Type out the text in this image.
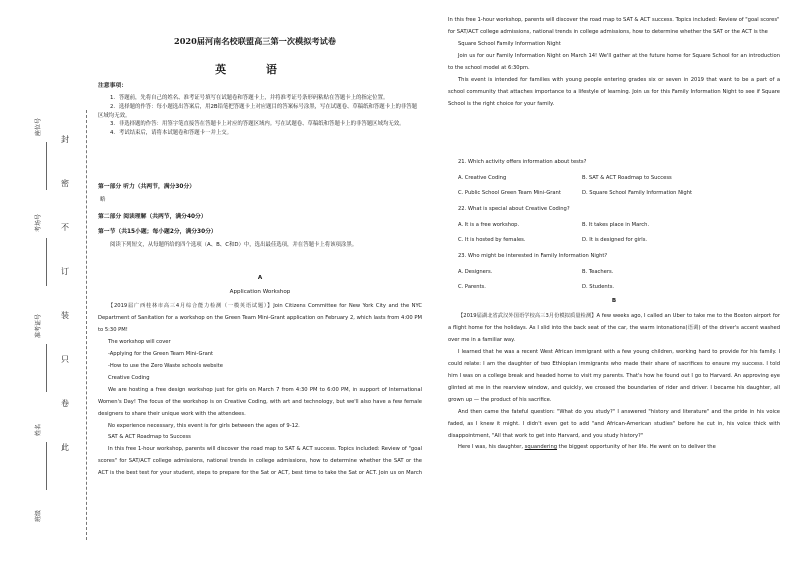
封
密
不
订
装
只
卷
此
座位号
考场号
准考证号
姓名
班级
2020届河南名校联盟高三第一次模拟考试卷
英 语
注意事项：

1．答题前，先将自己的姓名、准考证号填写在试题卷和答题卡上，并将准考证号条形码粘贴在答题卡上的指定位置。

2．选择题的作答：每小题选出答案后，用2B铅笔把答题卡上对应题目的答案标号涂黑，写在试题卷、草稿纸和答题卡上的非答题区域均无效。

3．非选择题的作答：用签字笔直接答在答题卡上对应的答题区域内。写在试题卷、草稿纸和答题卡上的非答题区域均无效。

4．考试结束后，请将本试题卷和答题卡一并上交。

第一部分 听力（共两节，满分30分）
略
第二部分 阅读理解（共两节，满分40分）
第一节（共15小题；每小题2分，满分30分）
阅读下列短文，从每题所给的四个选项（A、B、C和D）中，选出最佳选项，并在答题卡上将该项涂黑。
A
Application Workshop

【2019届广西桂林市高三4月综合能力检测（一模英语试题）】Join Citizens Committee for New York City and the NYC Department of Sanitation for a workshop on the Green Team Mini-Grant application on February 2, which lasts from 4:00 PM to 5:30 PM!

The workshop will cover

-Applying for the Green Team Mini-Grant

-How to use the Zero Waste schools website

Creative Coding

We are hosting a free design workshop just for girls on March 7 from 4:30 PM to 6:00 PM, in support of International Women's Day! The focus of the workshop is on Creative Coding, with art and technology, but we'll also have a few female designers to share their unique work with the attendees.

No experience necessary, this event is for girls between the ages of 9-12.

SAT & ACT Roadmap to Success

In this free 1-hour workshop, parents will discover the road map to SAT & ACT success. Topics included: Review of "goal scores" for SAT/ACT college admissions, national trends in college admissions, how to determine whether the SAT or the ACT is the best test for your student, steps to prepare for the Sat or ACT, best time to take the Sat or ACT. Join us on March

In this free 1-hour workshop, parents will discover the road map to SAT & ACT success. Topics included: Review of "goal scores" for SAT/ACT college admissions, national trends in college admissions, how to determine whether the SAT or the ACT is the

Square School Family Information Night

Join us for our Family Information Night on March 14! We'll gather at the future home for Square School for an introduction to the school model at 6:30pm.

This event is intended for families with young people entering grades six or seven in 2019 that want to be a part of a school community that attaches importance to a lifestyle of learning. Join us for this Family Information Night to see if Square School is the right choice for your family.

21. Which activity offers information about tests?
A. Creative Coding	B. SAT & ACT Roadmap to Success
C. Public School Green Team Mini-Grant	D. Square School Family Information Night
22. What is special about Creative Coding?
A. It is a free workshop.	B. It takes place in March.
C. It is hosted by females.	D. It is designed for girls.
23. Who might be interested in Family Information Night?
A. Designers.	B. Teachers.
C. Parents.	D. Students.
B

【2019届湖北省武汉外国语学校高三3月份模拟质量检测】A few weeks ago, I called an Uber to take me to the Boston airport for a flight home for the holidays. As I slid into the back seat of the car, the warm intonations(语调) of the driver's accent washed over me in a familiar way.

I learned that he was a recent West African immigrant with a few young children, working hard to provide for his family. I could relate: I am the daughter of two Ethiopian immigrants who made their share of sacrifices to ensure my success. I told him I was on a college break and headed home to visit my parents. That's how he found out I go to Harvard. An approving eye glinted at me in the rearview window, and quickly, we crossed the boundaries of rider and driver. I became his daughter, all grown up — the product of his sacrifice.

And then came the fateful question: "What do you study?" I answered "history and literature" and the pride in his voice faded, as I knew it might. I didn't even get to add "and African-American studies" before he cut in, his voice thick with disappointment, "All that work to get into Harvard, and you study history?"

Here I was, his daughter, squandering the biggest opportunity of her life. He went on to deliver the
